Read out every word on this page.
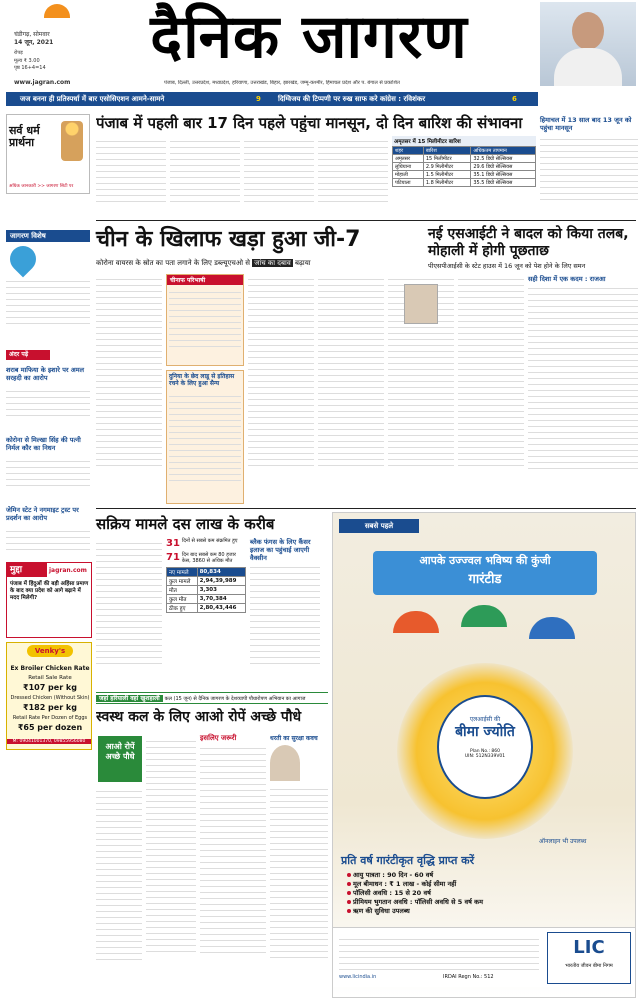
चंडीगढ़, सोमवार
14 जून, 2021
रोपड़
मूल्य ₹ 3.00
पृष्ठ 16+4=14	दैनिक जागरण
www.jagran.com	पंजाब, दिल्ली, उत्तरप्रदेश, मध्यप्रदेश, हरियाणा, उत्तराखंड, बिहार, झारखंड, जम्मू-कश्मीर, हिमाचल प्रदेश और प. बंगाल से प्रकाशित
जज बनना ही प्रतिस्पर्धा में बार एसोसिएशन आमने-सामने	9 दिग्विजय की टिप्पणी पर रुख साफ करे कांग्रेस : रविशंकर	6
सर्व धर्म प्रार्थना
अधिक जानकारी >> जागरण सिटी पर
जागरण विशेष
अंदर पढ़ें
शराब माफिया के इशारे पर अमल सरहदी का आरोप
कोरोना से मिल्खा सिंह की पत्नी निर्मल कौर का निधन
जेमिन स्टेट ने नगमाइट ट्रस्ट पर प्रदर्शन का आरोप
मुद्दा	jagran.com
पंजाब में हिंदुओं की बड़ी अहिंसा प्रमाण के बाद क्या प्रदेश को आगे बढ़ाने में मदद मिलेगी?
Venky's
Ex Broiler Chicken Rate
Retail Sale Rate
₹107 per kg
Dressed Chicken (Without Skin)
₹182 per kg
Retail Rate Per Dozen of Eggs
₹65 per dozen
M: 09041001370, 09855956080
पंजाब में पहली बार 17 दिन पहले पहुंचा मानसून, दो दिन बारिश की संभावना	हिमाचल में 13 साल बाद 13 जून को पहुंचा मानसून
अमृतसर में 15 मिलीमीटर बारिश
शहर	बारिश	अधिकतम तापमान
अमृतसर	15 मिलीमीटर	32.5 डिग्री सेल्सियस
लुधियाना	2.9 मिलीमीटर	29.6 डिग्री सेल्सियस
मोहाली	1.5 मिलीमीटर	35.1 डिग्री सेल्सियस
पटियाला	1.8 मिलीमीटर	35.5 डिग्री सेल्सियस
चीन के खिलाफ खड़ा हुआ जी-7
कोरोना वायरस के स्रोत का पता लगाने के लिए डब्ल्यूएचओ से जांच का दबाव बढ़ाया
चीनाफ परिभाषी
दुनिया के छेद लाडू से इतिहास रचने के लिए हुआ सैन्य
नई एसआईटी ने बादल को किया तलब, मोहाली में होगी पूछताछ
पीएसपीआईसी के स्टेट हाउस में 16 जून को पेश होने के लिए समन
सही दिशा में एक कदम : राजआ
सक्रिय मामले दस लाख के करीब
31 दिनों से सबसे कम संक्रमित हुए
71 दिन बाद सबसे कम 80 हजार केस, 3860 से अधिक मौत
नए मामले	80,834
कुल मामले	2,94,39,989
मौत	3,303
कुल मौत	3,70,384
ठीक हुए	2,80,43,446
ब्लैक फंगस के लिए कैंसर इलाज का पहुंचाई जाएगी वैक्सीन
जहां हरियाली वहां खुशहाली कल (15 जून) से दैनिक जागरण के देशव्यापी पौधारोपण अभियान का आगाज
स्वस्थ कल के लिए आओ रोपें अच्छे पौधे
आओ रोपें अच्छे पौधे
इसलिए जरूरी	धरती का सुरक्षा कवच
सबसे पहले
आपके उज्ज्वल भविष्य की कुंजी
गारंटीड
एलआईसी की
बीमा ज्योति
Plan No.: 860
UIN: 512N339V01
ऑनलाइन भी उपलब्ध
प्रति वर्ष गारंटीकृत वृद्धि प्राप्त करें
आयु पात्रता : 90 दिन - 60 वर्ष
मूल बीमाधन : ₹ 1 लाख - कोई सीमा नहीं
पॉलिसी अवधि : 15 से 20 वर्ष
प्रीमियम भुगतान अवधि : पॉलिसी अवधि से 5 वर्ष कम
ऋण की सुविधा उपलब्ध
www.licindia.in	IRDAI Regn No.: 512
LIC
भारतीय जीवन बीमा निगम
